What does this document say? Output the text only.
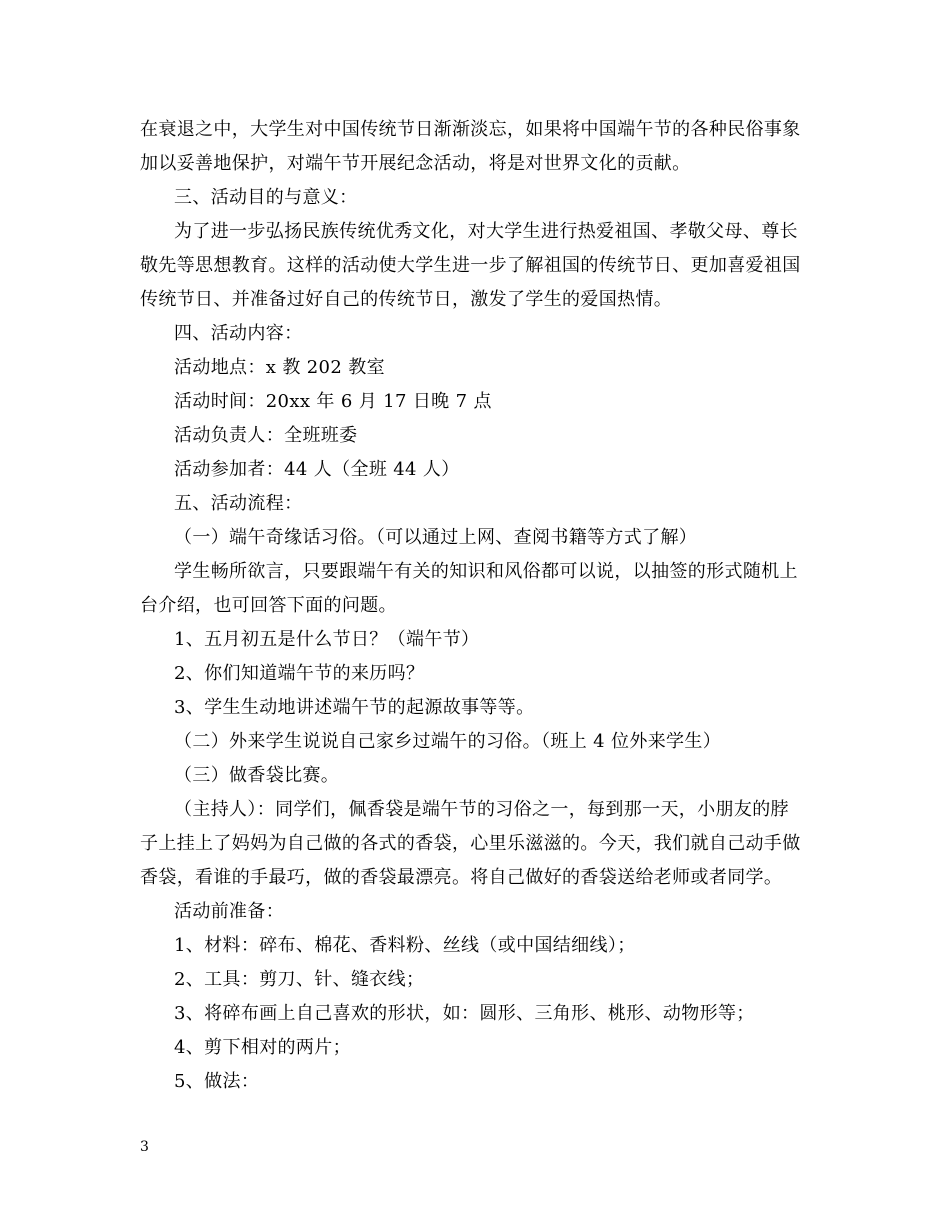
在衰退之中，大学生对中国传统节日渐渐淡忘，如果将中国端午节的各种民俗事象
加以妥善地保护，对端午节开展纪念活动，将是对世界文化的贡献。
三、活动目的与意义：
为了进一步弘扬民族传统优秀文化，对大学生进行热爱祖国、孝敬父母、尊长
敬先等思想教育。这样的活动使大学生进一步了解祖国的传统节日、更加喜爱祖国
传统节日、并准备过好自己的传统节日，激发了学生的爱国热情。
四、活动内容：
活动地点：x 教 202 教室
活动时间：20xx 年 6 月 17 日晚 7 点
活动负责人：全班班委
活动参加者：44 人（全班 44 人）
五、活动流程：
（一）端午奇缘话习俗。（可以通过上网、查阅书籍等方式了解）
学生畅所欲言，只要跟端午有关的知识和风俗都可以说，以抽签的形式随机上
台介绍，也可回答下面的问题。
1、五月初五是什么节日？（端午节）
2、你们知道端午节的来历吗？
3、学生生动地讲述端午节的起源故事等等。
（二）外来学生说说自己家乡过端午的习俗。（班上 4 位外来学生）
（三）做香袋比赛。
（主持人）：同学们，佩香袋是端午节的习俗之一，每到那一天，小朋友的脖
子上挂上了妈妈为自己做的各式的香袋，心里乐滋滋的。今天，我们就自己动手做
香袋，看谁的手最巧，做的香袋最漂亮。将自己做好的香袋送给老师或者同学。
活动前准备：
1、材料：碎布、棉花、香料粉、丝线（或中国结细线）；
2、工具：剪刀、针、缝衣线；
3、将碎布画上自己喜欢的形状，如：圆形、三角形、桃形、动物形等；
4、剪下相对的两片；
5、做法：
3
